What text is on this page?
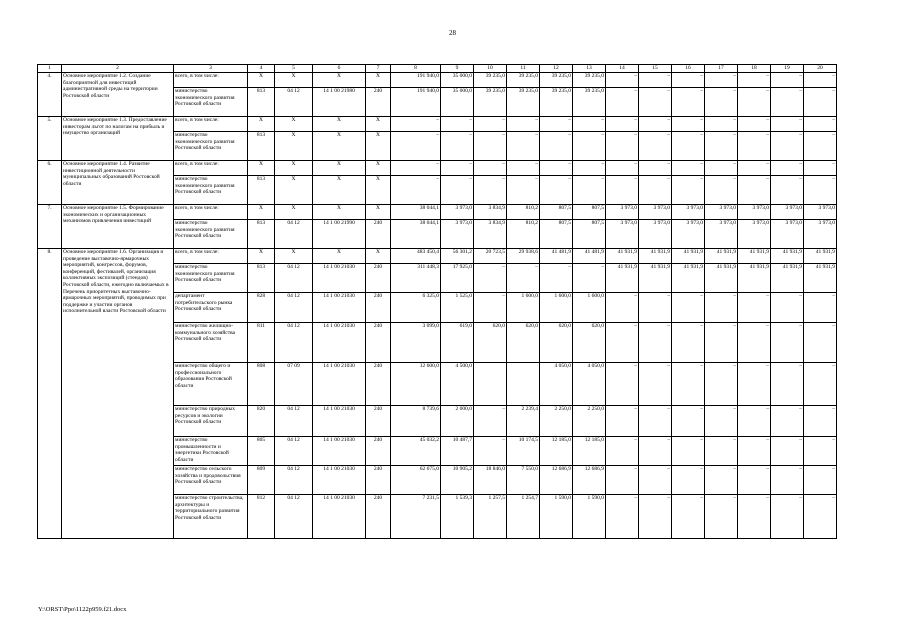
28
1	2	3	4	5	6	7	8	9	10	11	12	13	14	15	16	17	18	19	20
4.	Основное мероприятие 1.2. Создание благоприятной для инвестиций административной среды на территории Ростовской области	всего, в том числе:	X	X	X	X	191 940,0	35 000,0	39 235,0	39 235,0	39 235,0	39 235,0	–	–	–	–	–	–	–
		министерство экономического развития Ростовской области	813	04 12	14 1 00 21980	240	191 940,0	35 000,0	39 235,0	39 235,0	39 235,0	39 235,0	–	–	–	–	–	–	–
5.	Основное мероприятие 1.3. Предоставление инвесторам льгот по налогам на прибыль и имущество организаций	всего, в том числе:	X	X	X	X	–	–	–	–	–	–	–	–	–	–	–	–	–
		министерство экономического развития Ростовской области	813	X	X	X	–	–	–	–	–	–	–	–	–	–	–	–	–
6.	Основное мероприятие 1.4. Развитие инвестиционной деятельности муниципальных образований Ростовской области	всего, в том числе:	X	X	X	X	–	–	–	–	–	–	–	–	–	–	–	–	–
		министерство экономического развития Ростовской области	813	X	X	X	–	–	–	–	–	–	–	–	–	–	–	–	–
7.	Основное мероприятие 1.5. Формирование экономических и организационных механизмов привлечения инвестиций	всего, в том числе:	X	X	X	X	38 044,1	3 973,0	3 834,9	810,2	807,5	807,5	3 973,0	3 973,0	3 973,0	3 973,0	3 973,0	3 973,0	3 973,0
		министерство экономического развития Ростовской области	813	04 12	14 1 00 21990	240	38 044,1	3 973,0	3 834,9	810,2	807,5	807,5	3 973,0	3 973,0	3 973,0	3 973,0	3 973,0	3 973,0	3 973,0
8.	Основное мероприятие 1.6. Организация и проведение выставочно-ярмарочных мероприятий, конгрессов, форумов, конференций, фестивалей, организация коллективных экспозиций (стендов) Ростовской области, ежегодно включаемых в Перечень приоритетных выставочно-ярмарочных мероприятий, проводимых при поддержке и участии органов исполнительной власти Ростовской области	всего, в том числе:	X	X	X	X	483 450,4	56 301,2	20 723,5	29 938,6	41 481,9	41 481,9	41 931,9	41 931,9	41 931,9	41 931,9	41 931,9	41 931,9	41 931,9
		министерство экономического развития Ростовской области	813	04 12	14 1 00 21030	240	311 448,3	17 925,0	–	–	–	–	41 931,9	41 931,9	41 931,9	41 931,9	41 931,9	41 931,9	41 931,9
		департамент потребительского рынка Ростовской области	828	04 12	14 1 00 21030	240	6 325,0	1 525,0	–	1 600,0	1 600,0	1 600,0	–	–	–	–	–	–	–
		министерство жилищно-коммунального хозяйства Ростовской области	811	04 12	14 1 00 21030	240	3 099,0	619,0	620,0	620,0	620,0	620,0	–	–	–	–	–	–	–
		министерство общего и профессионального образования Ростовской области	808	07 09	14 1 00 21030	240	12 600,0	4 500,0			4 050,0	4 050,0	–	–	–	–	–	–	–
		министерство природных ресурсов и экологии Ростовской области	820	04 12	14 1 00 21030	240	8 739,6	2 000,0	–	2 239,4	2 250,0	2 250,0	–	–	–	–	–	–	–
		министерство промышленности и энергетики Ростовской области	805	04 12	14 1 00 21030	240	45 032,2	10 487,7	–	10 174,5	12 185,0	12 185,0	–	–	–	–	–	–	–
		министерство сельского хозяйства и продовольствия Ростовской области	809	04 12	14 1 00 21030	240	62 675,0	10 905,2	18 846,0	7 550,0	12 686,9	12 686,9	–	–	–	–	–	–	–
		министерство строительства, архитектуры и территориального развития Ростовской области	812	04 12	14 1 00 21030	240	7 231,5	1 539,3	1 257,5	1 254,7	1 590,0	1 590,0	–	–	–	–	–	–	–
Y:\ORST\Ppo\1122p959.f21.docx
